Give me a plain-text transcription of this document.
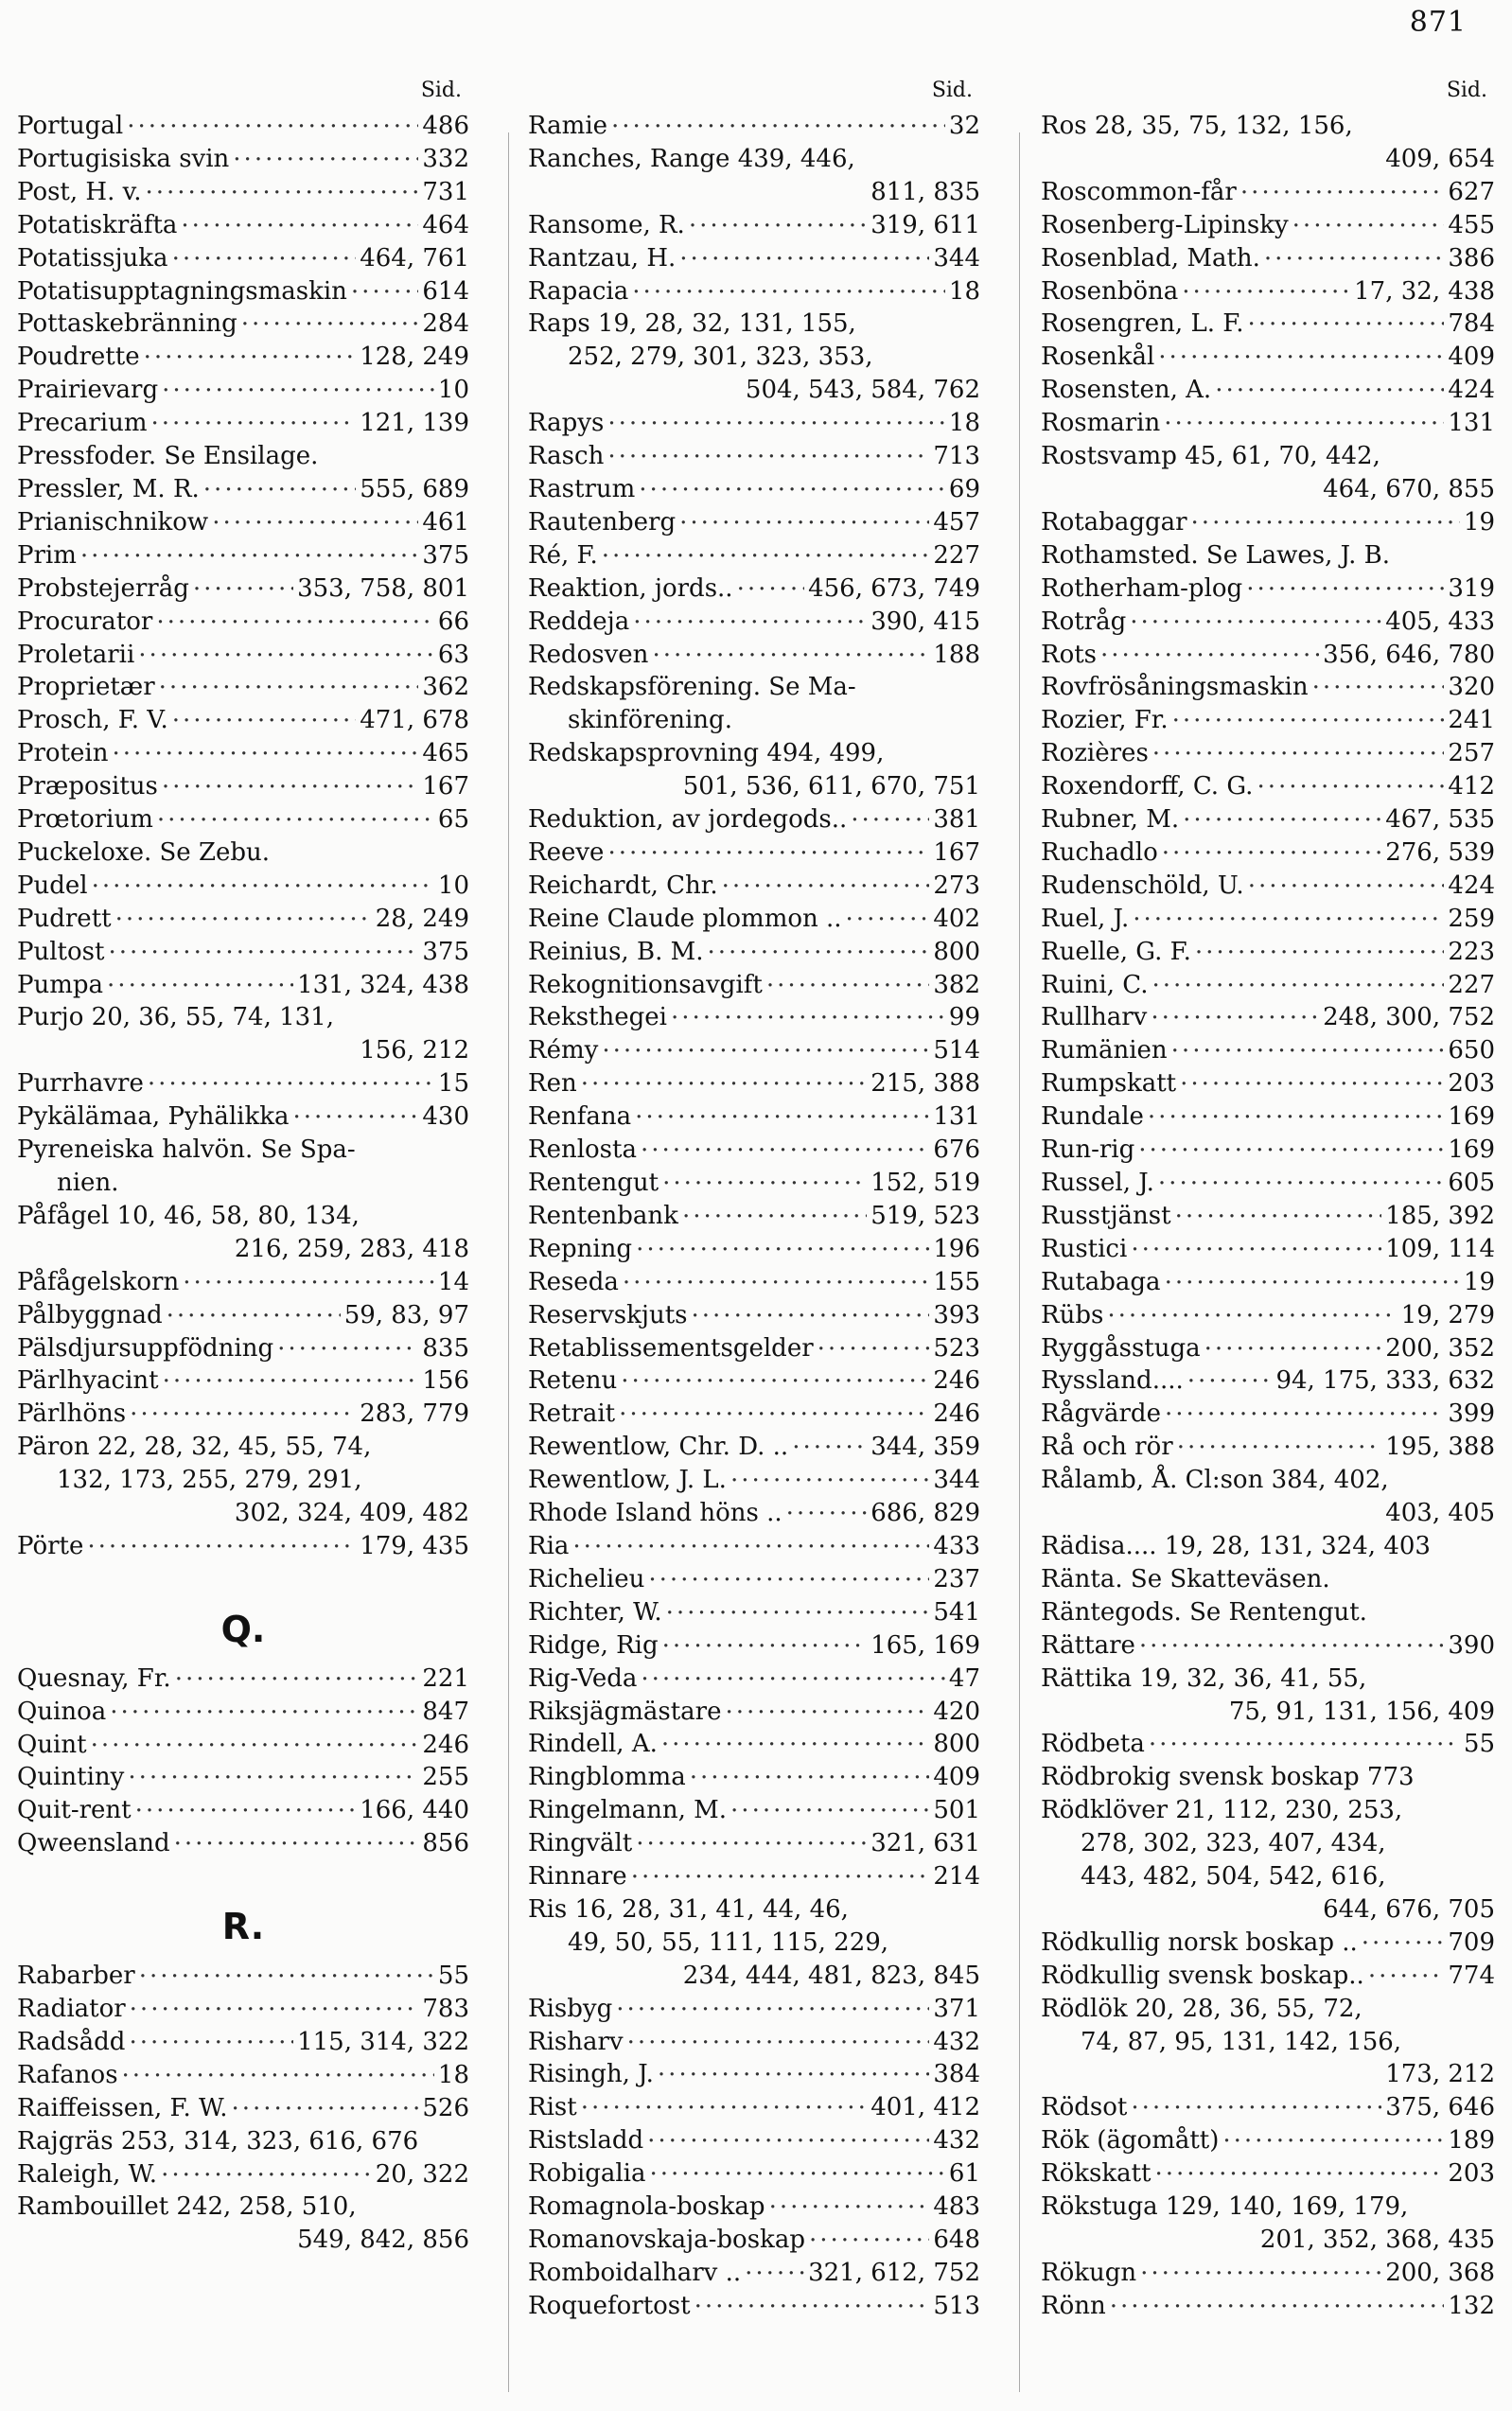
871
Sid.
Portugal .....	486
Portugisiska svin .....	332
Post, H. v. .....	731
Potatiskräfta .....	464
Potatissjuka .....	464, 761
Potatisupptagningsmaskin .....	614
Pottaskebränning .....	284
Poudrette .....	128, 249
Prairievarg .....	10
Precarium .....	121, 139
Pressfoder. Se Ensilage.
Pressler, M. R. .....	555, 689
Prianischnikow .....	461
Prim .....	375
Probstejerråg .....	353, 758, 801
Procurator .....	66
Proletarii .....	63
Proprietær .....	362
Prosch, F. V. .....	471, 678
Protein .....	465
Præpositus .....	167
Prœtorium .....	65
Puckeloxe. Se Zebu.
Pudel .....	10
Pudrett .....	28, 249
Pultost .....	375
Pumpa .....	131, 324, 438
Purjo 20, 36, 55, 74, 131,
156, 212
Purrhavre .....	15
Pykälämaa, Pyhälikka .....	430
Pyreneiska halvön. Se Spa-
nien.
Påfågel 10, 46, 58, 80, 134,
216, 259, 283, 418
Påfågelskorn .....	14
Pålbyggnad .....	59, 83, 97
Pälsdjursuppfödning .....	835
Pärlhyacint .....	156
Pärlhöns .....	283, 779
Päron 22, 28, 32, 45, 55, 74,
132, 173, 255, 279, 291,
302, 324, 409, 482
Pörte .....	179, 435
Q.
Quesnay, Fr. .....	221
Quinoa .....	847
Quint .....	246
Quintiny .....	255
Quit-rent .....	166, 440
Qweensland .....	856
R.
Rabarber .....	55
Radiator .....	783
Radsådd .....	115, 314, 322
Rafanos .....	18
Raiffeissen, F. W. .....	526
Rajgräs 253, 314, 323, 616, 676
Raleigh, W. .....	20, 322
Rambouillet 242, 258, 510,
549, 842, 856
Sid.
Ramie .....	32
Ranches, Range 439, 446,
811, 835
Ransome, R. .....	319, 611
Rantzau, H. .....	344
Rapacia .....	18
Raps 19, 28, 32, 131, 155,
252, 279, 301, 323, 353,
504, 543, 584, 762
Rapys .....	18
Rasch .....	713
Rastrum .....	69
Rautenberg .....	457
Ré, F. .....	227
Reaktion, jords.. .....	456, 673, 749
Reddeja .....	390, 415
Redosven .....	188
Redskapsförening. Se Ma-
skinförening.
Redskapsprovning 494, 499,
501, 536, 611, 670, 751
Reduktion, av jordegods.. .....	381
Reeve .....	167
Reichardt, Chr. .....	273
Reine Claude plommon .. .....	402
Reinius, B. M. .....	800
Rekognitionsavgift .....	382
Reksthegei .....	99
Rémy .....	514
Ren .....	215, 388
Renfana .....	131
Renlosta .....	676
Rentengut .....	152, 519
Rentenbank .....	519, 523
Repning .....	196
Reseda .....	155
Reservskjuts .....	393
Retablissementsgelder .....	523
Retenu .....	246
Retrait .....	246
Rewentlow, Chr. D. .. .....	344, 359
Rewentlow, J. L. .....	344
Rhode Island höns .. .....	686, 829
Ria .....	433
Richelieu .....	237
Richter, W. .....	541
Ridge, Rig .....	165, 169
Rig-Veda .....	47
Riksjägmästare .....	420
Rindell, A. .....	800
Ringblomma .....	409
Ringelmann, M. .....	501
Ringvält .....	321, 631
Rinnare .....	214
Ris 16, 28, 31, 41, 44, 46,
49, 50, 55, 111, 115, 229,
234, 444, 481, 823, 845
Risbyg .....	371
Risharv .....	432
Risingh, J. .....	384
Rist .....	401, 412
Ristsladd .....	432
Robigalia .....	61
Romagnola-boskap .....	483
Romanovskaja-boskap .....	648
Romboidalharv .. .....	321, 612, 752
Roquefortost .....	513
Sid.
Ros 28, 35, 75, 132, 156,
409, 654
Roscommon-får .....	627
Rosenberg-Lipinsky .....	455
Rosenblad, Math. .....	386
Rosenböna .....	17, 32, 438
Rosengren, L. F. .....	784
Rosenkål .....	409
Rosensten, A. .....	424
Rosmarin .....	131
Rostsvamp 45, 61, 70, 442,
464, 670, 855
Rotabaggar .....	19
Rothamsted. Se Lawes, J. B.
Rotherham-plog .....	319
Rotråg .....	405, 433
Rots .....	356, 646, 780
Rovfrösåningsmaskin .....	320
Rozier, Fr. .....	241
Rozières .....	257
Roxendorff, C. G. .....	412
Rubner, M. .....	467, 535
Ruchadlo .....	276, 539
Rudenschöld, U. .....	424
Ruel, J. .....	259
Ruelle, G. F. .....	223
Ruini, C. .....	227
Rullharv .....	248, 300, 752
Rumänien .....	650
Rumpskatt .....	203
Rundale .....	169
Run-rig .....	169
Russel, J. .....	605
Russtjänst .....	185, 392
Rustici .....	109, 114
Rutabaga .....	19
Rübs .....	19, 279
Ryggåsstuga .....	200, 352
Ryssland.... .....	94, 175, 333, 632
Rågvärde .....	399
Rå och rör .....	195, 388
Rålamb, Å. Cl:son 384, 402,
403, 405
Rädisa.... 19, 28, 131, 324, 403
Ränta. Se Skatteväsen.
Räntegods. Se Rentengut.
Rättare .....	390
Rättika 19, 32, 36, 41, 55,
75, 91, 131, 156, 409
Rödbeta .....	55
Rödbrokig svensk boskap 773
Rödklöver 21, 112, 230, 253,
278, 302, 323, 407, 434,
443, 482, 504, 542, 616,
644, 676, 705
Rödkullig norsk boskap .. .....	709
Rödkullig svensk boskap.. .....	774
Rödlök 20, 28, 36, 55, 72,
74, 87, 95, 131, 142, 156,
173, 212
Rödsot .....	375, 646
Rök (ägomått) .....	189
Rökskatt .....	203
Rökstuga 129, 140, 169, 179,
201, 352, 368, 435
Rökugn .....	200, 368
Rönn .....	132
